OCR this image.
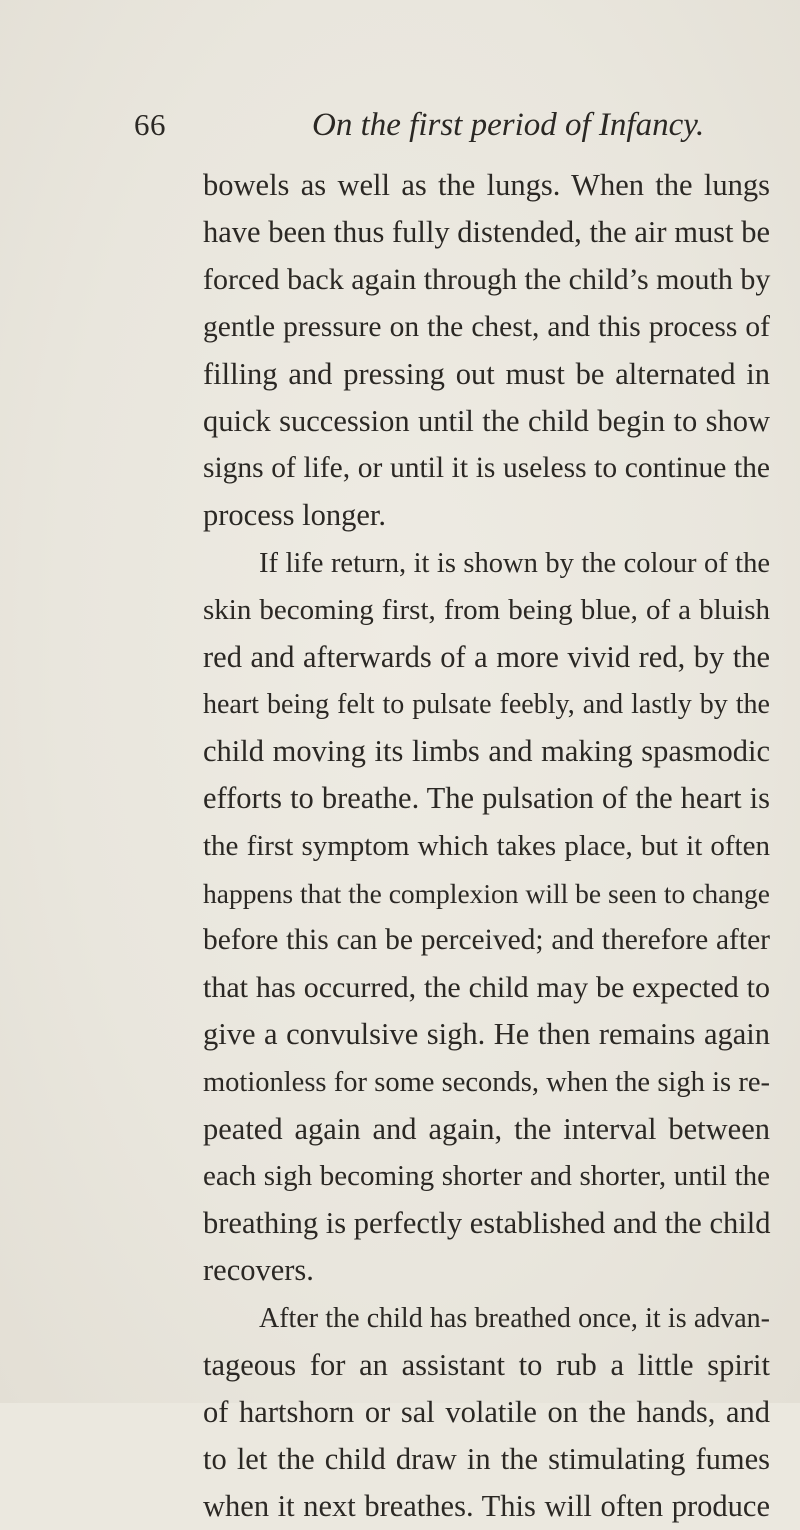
66	On the first period of Infancy.
bowels as well as the lungs. When the lungs
have been thus fully distended, the air must be
forced back again through the child’s mouth by
gentle pressure on the chest, and this process of
filling and pressing out must be alternated in
quick succession until the child begin to show
signs of life, or until it is useless to continue the
process longer.
If life return, it is shown by the colour of the
skin becoming first, from being blue, of a bluish
red and afterwards of a more vivid red, by the
heart being felt to pulsate feebly, and lastly by the
child moving its limbs and making spasmodic
efforts to breathe. The pulsation of the heart is
the first symptom which takes place, but it often
happens that the complexion will be seen to change
before this can be perceived; and therefore after
that has occurred, the child may be expected to
give a convulsive sigh. He then remains again
motionless for some seconds, when the sigh is re-
peated again and again, the interval between
each sigh becoming shorter and shorter, until the
breathing is perfectly established and the child
recovers.
After the child has breathed once, it is advan-
tageous for an assistant to rub a little spirit
of hartshorn or sal volatile on the hands, and
to let the child draw in the stimulating fumes
when it next breathes. This will often produce
